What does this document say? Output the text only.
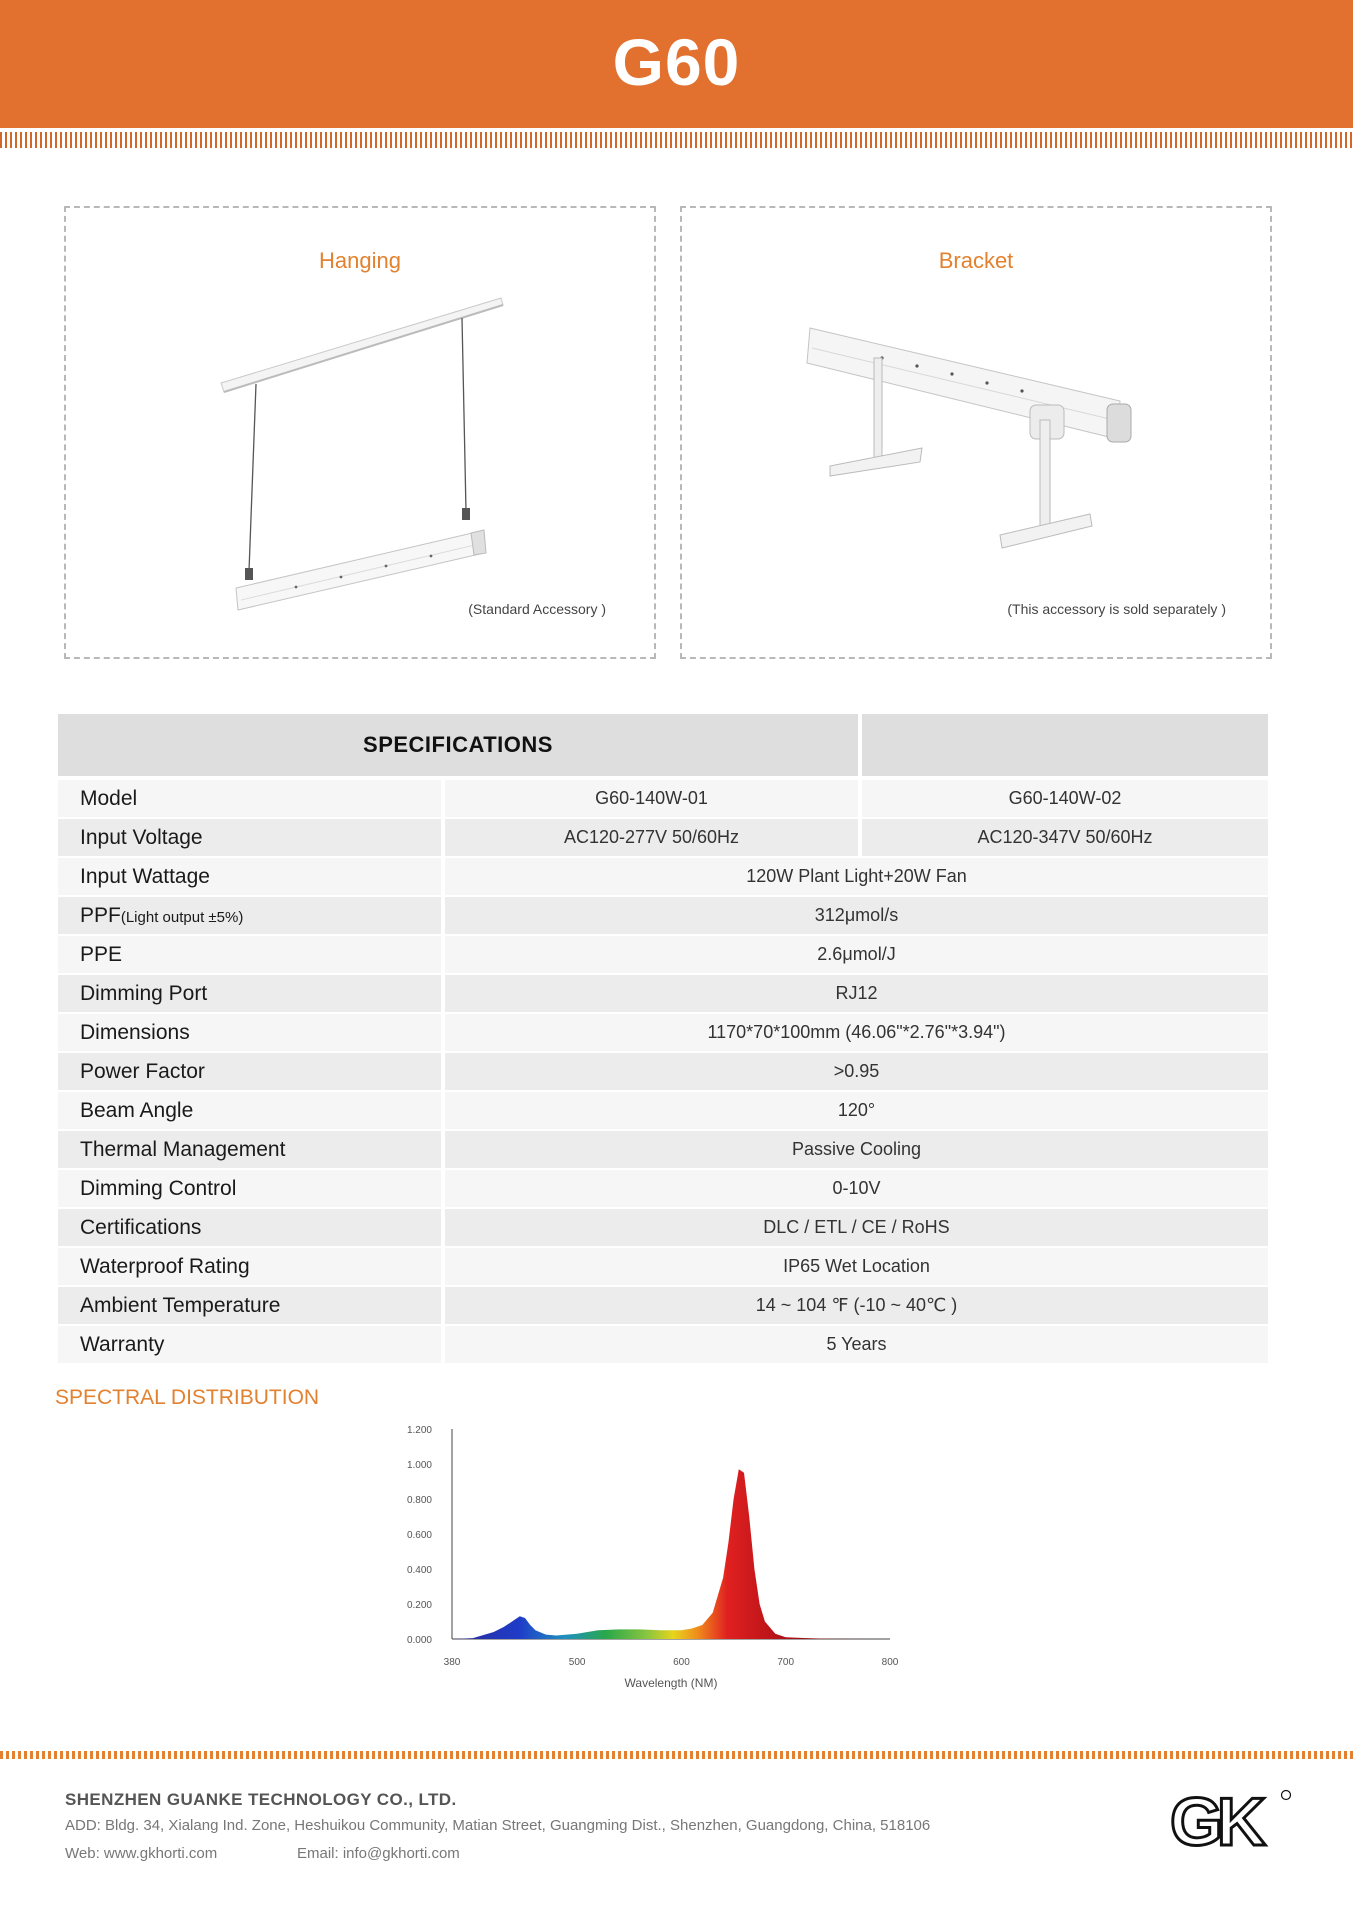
G60
Hanging
(Standard Accessory )
Bracket
(This accessory is sold separately )
SPECIFICATIONS
Model	G60-140W-01	G60-140W-02
Input Voltage	AC120-277V 50/60Hz	AC120-347V 50/60Hz
Input Wattage	120W Plant Light+20W Fan
PPF(Light output ±5%)	312μmol/s
PPE	2.6μmol/J
Dimming Port	RJ12
Dimensions	1170*70*100mm (46.06"*2.76"*3.94")
Power Factor	>0.95
Beam Angle	120°
Thermal Management	Passive Cooling
Dimming Control	0-10V
Certifications	DLC / ETL / CE / RoHS
Waterproof Rating	IP65 Wet Location
Ambient Temperature	14 ~ 104 ℉ (-10 ~ 40℃ )
Warranty	5 Years
SPECTRAL DISTRIBUTION
0.000
0.200
0.400
0.600
0.800
1.000
1.200
380	500	600	700	800
Wavelength (NM)
SHENZHEN GUANKE TECHNOLOGY CO., LTD.
ADD: Bldg. 34, Xialang Ind. Zone, Heshuikou Community, Matian Street, Guangming Dist., Shenzhen, Guangdong, China, 518106
Web: www.gkhorti.com	Email: info@gkhorti.com	GK
